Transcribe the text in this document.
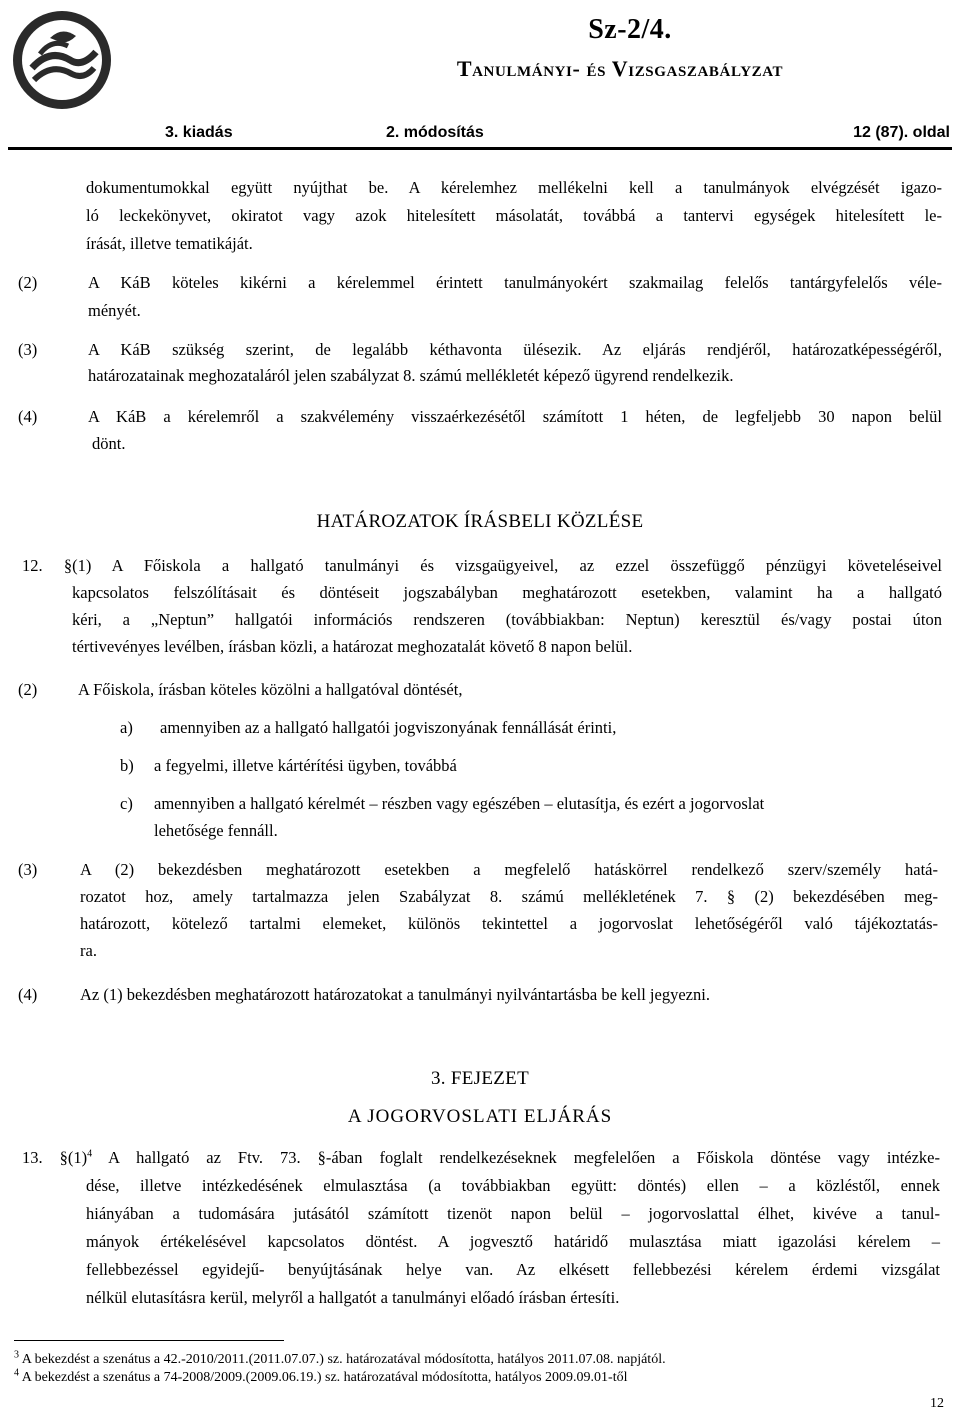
Sz-2/4.
Tanulmányi- és Vizsgaszabályzat
3. kiadás	2. módosítás	12 (87). oldal
dokumentumokkal együtt nyújthat be. A kérelemhez mellékelni kell a tanulmányok elvégzését igazo-
ló leckekönyvet, okiratot vagy azok hitelesített másolatát, továbbá a tantervi egységek hitelesített le-
írását, illetve tematikáját.
(2)	A KáB köteles kikérni a kérelemmel érintett tanulmányokért szakmailag felelős tantárgyfelelős véle-
ményét.
(3)	A KáB szükség szerint, de legalább kéthavonta ülésezik. Az eljárás rendjéről, határozatképességéről,
határozatainak meghozataláról jelen szabályzat 8. számú mellékletét képező ügyrend rendelkezik.
(4)	A KáB a kérelemről a szakvélemény visszaérkezésétől számított 1 héten, de legfeljebb 30 napon belül
dönt.
HATÁROZATOK ÍRÁSBELI KÖZLÉSE
12. §(1) A Főiskola a hallgató tanulmányi és vizsgaügyeivel, az ezzel összefüggő pénzügyi követeléseivel
kapcsolatos felszólításait és döntéseit jogszabályban meghatározott esetekben, valamint ha a hallgató
kéri, a „Neptun” hallgatói információs rendszeren (továbbiakban: Neptun) keresztül és/vagy postai úton
tértivevényes levélben, írásban közli, a határozat meghozatalát követő 8 napon belül.
(2) A Főiskola, írásban köteles közölni a hallgatóval döntését,
a) amennyiben az a hallgató hallgatói jogviszonyának fennállását érinti,
b) a fegyelmi, illetve kártérítési ügyben, továbbá
c) amennyiben a hallgató kérelmét – részben vagy egészében – elutasítja, és ezért a jogorvoslat
lehetősége fennáll.
(3)	A (2) bekezdésben meghatározott esetekben a megfelelő hatáskörrel rendelkező szerv/személy hatá-
rozatot hoz, amely tartalmazza jelen Szabályzat 8. számú mellékletének 7. § (2) bekezdésében meg-
határozott, kötelező tartalmi elemeket, különös tekintettel a jogorvoslat lehetőségéről való tájékoztatás-
ra.
(4)	Az (1) bekezdésben meghatározott határozatokat a tanulmányi nyilvántartásba be kell jegyezni.
3. FEJEZET
A JOGORVOSLATI ELJÁRÁS
13. $\S(1)^4$ A hallgató az Ftv. 73. §-ában foglalt rendelkezéseknek megfelelően a Főiskola döntése vagy intézke-
dése, illetve intézkedésének elmulasztása (a továbbiakban együtt: döntés) ellen – a közléstől, ennek
hiányában a tudomására jutásától számított tizenöt napon belül – jogorvoslattal élhet, kivéve a tanul-
mányok értékelésével kapcsolatos döntést. A jogvesztő határidő mulasztása miatt igazolási kérelem –
fellebbezéssel egyidejű- benyújtásának helye van. Az elkésett fellebbezési kérelem érdemi vizsgálat
nélkül elutasításra kerül, melyről a hallgatót a tanulmányi előadó írásban értesíti.
$^3$ A bekezdést a szenátus a 42.-2010/2011.(2011.07.07.) sz. határozatával módosította, hatályos 2011.07.08. napjától.
$^4$ A bekezdést a szenátus a 74-2008/2009.(2009.06.19.) sz. határozatával módosította, hatályos 2009.09.01-től
12
